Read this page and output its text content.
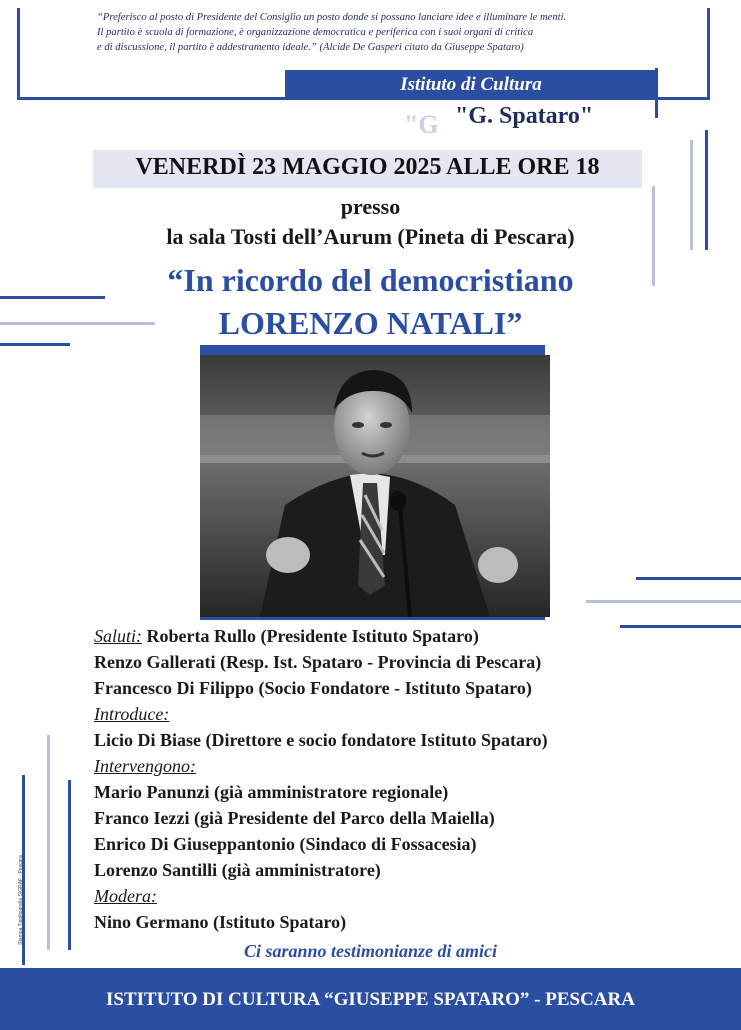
“Preferisco al posto di Presidente del Consiglio un posto donde si possano lanciare idee e illuminare le menti.
Il partito è scuola di formazione, è organizzazione democratica e periferica con i suoi organi di critica
e di discussione, il partito è addestramento ideale.” (Alcide De Gasperi citato da Giuseppe Spataro)
Istituto di Cultura
"G "G. Spataro"
VENERDÌ 23 MAGGIO 2025 ALLE ORE 18
presso
la sala Tosti dell’Aurum (Pineta di Pescara)
“In ricordo del democristiano
LORENZO NATALI”
Saluti: Roberta Rullo (Presidente Istituto Spataro)
Renzo Gallerati (Resp. Ist. Spataro - Provincia di Pescara)
Francesco Di Filippo (Socio Fondatore - Istituto Spataro)
Introduce:
Licio Di Biase (Direttore e socio fondatore Istituto Spataro)
Intervengono:
Mario Panunzi (già amministratore regionale)
Franco Iezzi (già Presidente del Parco della Maiella)
Enrico Di Giuseppantonio (Sindaco di Fossacesia)
Lorenzo Santilli (già amministratore)
Modera:
Nino Germano (Istituto Spataro)
Ci saranno testimonianze di amici
Stampa Tipolitografia SIGRAF - Pescara
ISTITUTO DI CULTURA “GIUSEPPE SPATARO” - PESCARA
